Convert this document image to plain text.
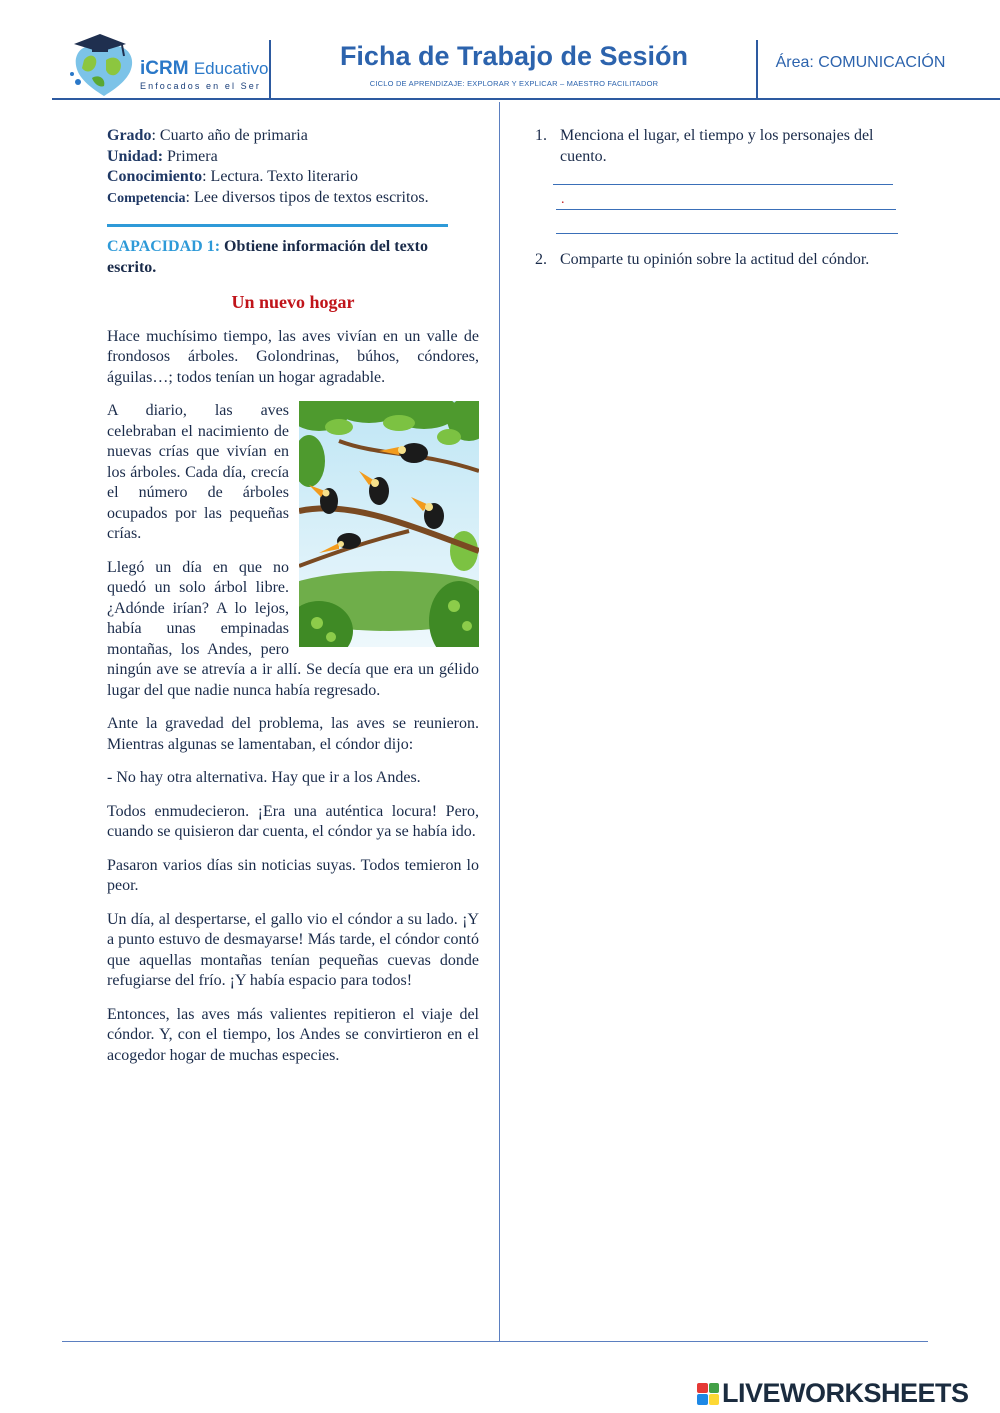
iCRM Educativo
Enfocados en el Ser
Ficha de Trabajo de Sesión
CICLO DE APRENDIZAJE: EXPLORAR Y EXPLICAR – MAESTRO FACILITADOR
Área: COMUNICACIÓN

Grado: Cuarto año de primaria

Unidad: Primera

Conocimiento: Lectura. Texto literario

Competencia: Lee diversos tipos de textos escritos.

CAPACIDAD 1: Obtiene información del texto escrito.

Un nuevo hogar

Hace muchísimo tiempo, las aves vivían en un valle de frondosos árboles. Golondrinas, búhos, cóndores, águilas…; todos tenían un hogar agradable.

A diario, las aves celebraban el nacimiento de nuevas crías que vivían en los árboles. Cada día, crecía el número de árboles ocupados por las pequeñas crías.

Llegó un día en que no quedó un solo árbol libre. ¿Adónde irían? A lo lejos, había unas empinadas montañas, los Andes, pero ningún ave se atrevía a ir allí. Se decía que era un gélido lugar del que nadie nunca había regresado.

Ante la gravedad del problema, las aves se reunieron. Mientras algunas se lamentaban, el cóndor dijo:

- No hay otra alternativa. Hay que ir a los Andes.

Todos enmudecieron. ¡Era una auténtica locura! Pero, cuando se quisieron dar cuenta, el cóndor ya se había ido.

Pasaron varios días sin noticias suyas. Todos temieron lo peor.

Un día, al despertarse, el gallo vio el cóndor a su lado. ¡Y a punto estuvo de desmayarse! Más tarde, el cóndor contó que aquellas montañas tenían pequeñas cuevas donde refugiarse del frío. ¡Y había espacio para todos!

Entonces, las aves más valientes repitieron el viaje del cóndor. Y, con el tiempo, los Andes se convirtieron en el acogedor hogar de muchas especies.

1. Menciona el lugar, el tiempo y los personajes del cuento.
.
2. Comparte tu opinión sobre la actitud del cóndor.
LIVEWORKSHEETS
